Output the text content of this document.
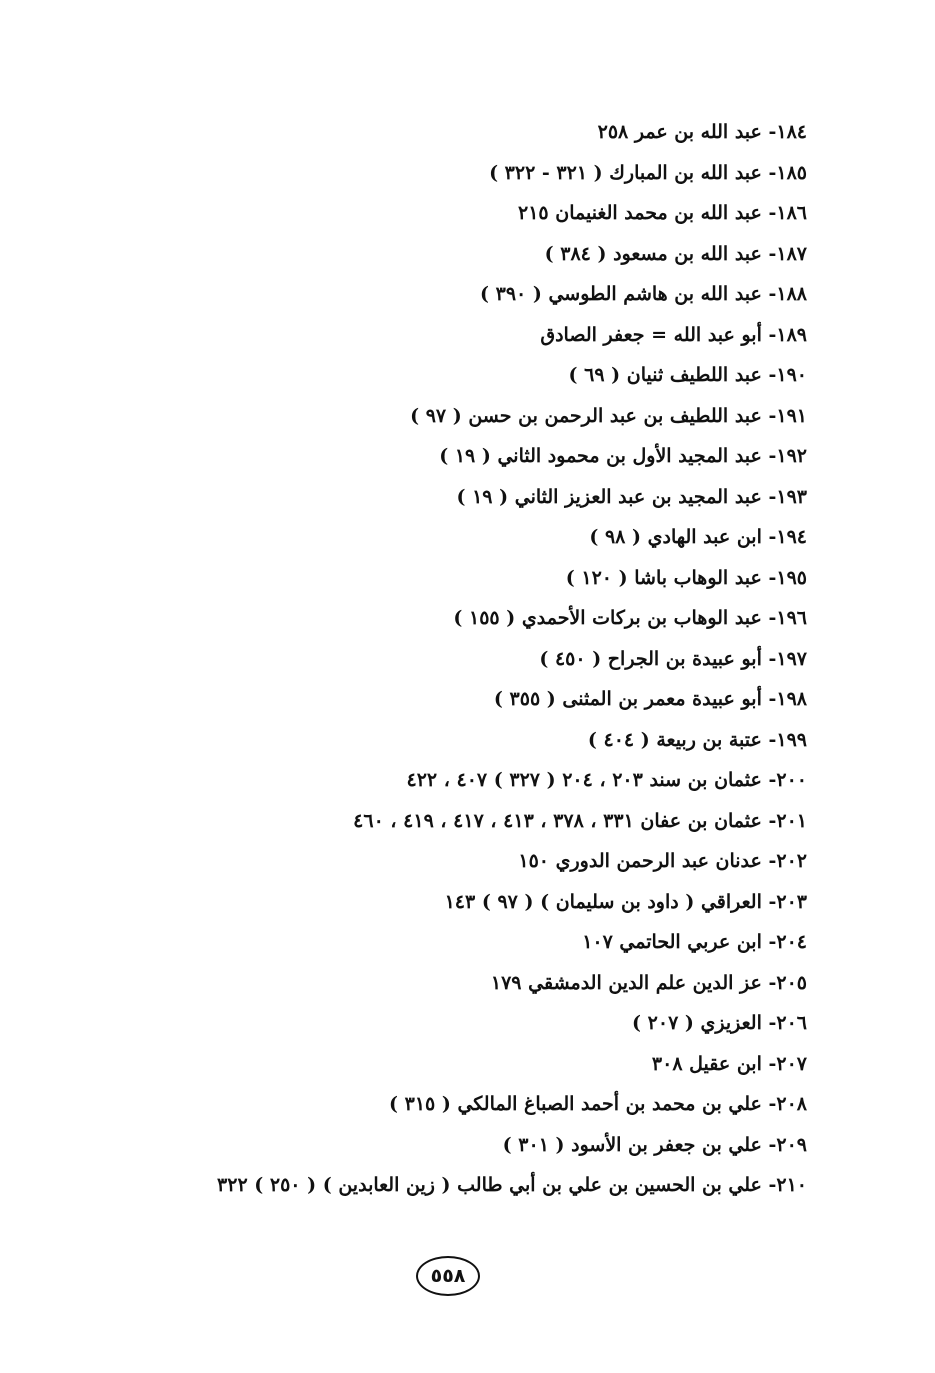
١٨٤- عبد الله بن عمر ٢٥٨
١٨٥- عبد الله بن المبارك ( ٣٢١ - ٣٢٢ )
١٨٦- عبد الله بن محمد الغنيمان ٢١٥
١٨٧- عبد الله بن مسعود ( ٣٨٤ )
١٨٨- عبد الله بن هاشم الطوسي ( ٣٩٠ )
١٨٩- أبو عبد الله = جعفر الصادق
١٩٠- عبد اللطيف ثنيان ( ٦٩ )
١٩١- عبد اللطيف بن عبد الرحمن بن حسن ( ٩٧ )
١٩٢- عبد المجيد الأول بن محمود الثاني ( ١٩ )
١٩٣- عبد المجيد بن عبد العزيز الثاني ( ١٩ )
١٩٤- ابن عبد الهادي ( ٩٨ )
١٩٥- عبد الوهاب باشا ( ١٢٠ )
١٩٦- عبد الوهاب بن بركات الأحمدي ( ١٥٥ )
١٩٧- أبو عبيدة بن الجراح ( ٤٥٠ )
١٩٨- أبو عبيدة معمر بن المثنى ( ٣٥٥ )
١٩٩- عتبة بن ربيعة ( ٤٠٤ )
٢٠٠- عثمان بن سند ٢٠٣ ، ٢٠٤ ( ٣٢٧ ) ٤٠٧ ، ٤٢٢
٢٠١- عثمان بن عفان ٣٣١ ، ٣٧٨ ، ٤١٣ ، ٤١٧ ، ٤١٩ ، ٤٦٠
٢٠٢- عدنان عبد الرحمن الدوري ١٥٠
٢٠٣- العراقي ( داود بن سليمان ) ( ٩٧ ) ١٤٣
٢٠٤- ابن عربي الحاتمي ١٠٧
٢٠٥- عز الدين علم الدين الدمشقي ١٧٩
٢٠٦- العزيزي ( ٢٠٧ )
٢٠٧- ابن عقيل ٣٠٨
٢٠٨- علي بن محمد بن أحمد الصباغ المالكي ( ٣١٥ )
٢٠٩- علي بن جعفر بن الأسود ( ٣٠١ )
٢١٠- علي بن الحسين بن علي بن أبي طالب ( زين العابدين ) ( ٢٥٠ ) ٣٢٢
٥٥٨
